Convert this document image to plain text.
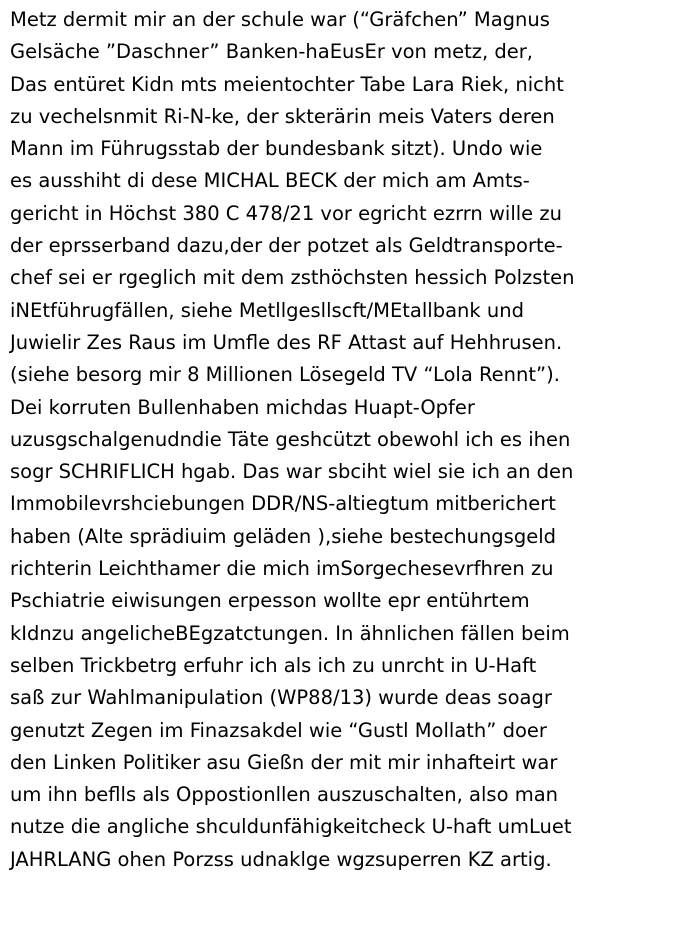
Metz dermit mir an der schule war (“Gräfchen” Magnus
Gelsäche ”Daschner” Banken-haEusEr von metz, der,
Das entüret Kidn mts meientochter Tabe Lara Riek, nicht
zu vechelsnmit Ri-N-ke, der skterärin meis Vaters deren
Mann im Führugsstab der bundesbank sitzt). Undo wie
es ausshiht di dese MICHAL BECK der mich am Amts-
gericht in Höchst 380 C 478/21 vor egricht ezrrn wille zu
der eprsserband dazu,der der potzet als Geldtransporte-
chef sei er rgeglich mit dem zsthöchsten hessich Polzsten
iNEtführugfällen, siehe Metllgesllscft/MEtallbank und
Juwielir Zes Raus im Umfle des RF Attast auf Hehhrusen.
(siehe besorg mir 8 Millionen Lösegeld TV “Lola Rennt”).
Dei korruten Bullenhaben michdas Huapt-Opfer
uzusgschalgenudndie Täte geshcützt obewohl ich es ihen
sogr SCHRIFLICH hgab. Das war sbciht wiel sie ich an den
Immobilevrshciebungen DDR/NS-altiegtum mitberichert
haben (Alte sprädiuim geläden ),siehe bestechungsgeld
richterin Leichthamer die mich imSorgechesevrfhren zu
Pschiatrie eiwisungen erpesson wollte epr entührtem
kIdnzu angelicheBEgzatctungen. In ähnlichen fällen beim
selben Trickbetrg erfuhr ich als ich zu unrcht in U-Haft
saß zur Wahlmanipulation (WP88/13) wurde deas soagr
genutzt Zegen im Finazsakdel wie “Gustl Mollath” doer
den Linken Politiker asu Gießn der mit mir inhafteirt war
um ihn beflls als Oppostionllen auszuschalten, also man
nutze die angliche shculdunfähigkeitcheck U-haft umLuet
JAHRLANG ohen Porzss udnaklge wgzsuperren KZ artig.
